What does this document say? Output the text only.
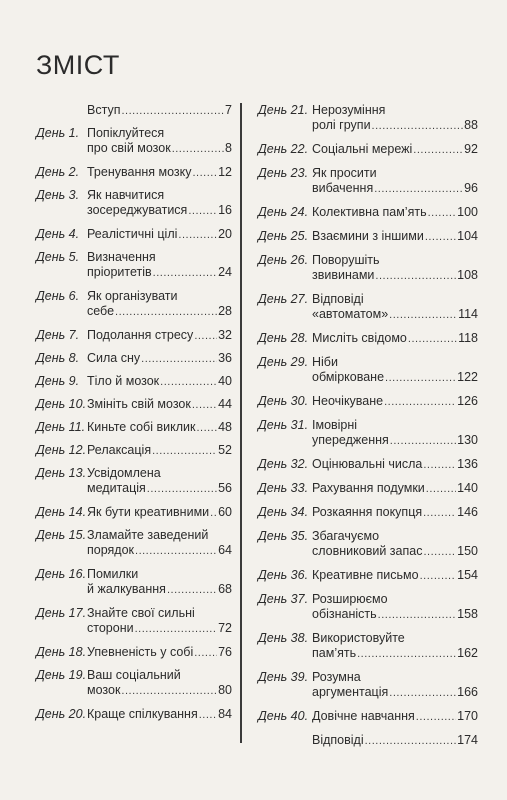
ЗМІСТ
Вступ .....	7
День 1. Попіклуйтеся
про свій мозок .....	8
День 2. Тренування мозку ..... 12
День 3. Як навчитися
зосереджуватися ..... 16
День 4. Реалістичні цілі .....	20
День 5. Визначення
пріоритетів .....	24
День 6. Як організувати
себе .....	28
День 7. Подолання стресу ..... 32
День 8. Сила сну .....	36
День 9. Тіло й мозок .....	40
День 10. Змініть свій мозок ..... 44
День 11. Киньте собі виклик ..... 48
День 12. Релаксація .....	52
День 13. Усвідомлена
медитація .....	56
День 14. Як бути креативними ..... 60
День 15. Зламайте заведений
порядок .....	64
День 16. Помилки
й жалкування .....	68
День 17. Знайте свої сильні
сторони .....	72
День 18. Упевненість у собі ..... 76
День 19. Ваш соціальний
мозок .....	80
День 20. Краще спілкування ..... 84
День 21. Нерозуміння
ролі групи .....	88
День 22. Соціальні мережі .....	92
День 23. Як просити
вибачення .....	96
День 24. Колективна пам’ять ..... 100
День 25. Взаємини з іншими .....	104
День 26. Поворушіть
звивинами .....	108
День 27. Відповіді
«автоматом» .....	114
День 28. Мисліть свідомо .....	118
День 29. Ніби
обмірковане .....	122
День 30. Неочікуване .....	126
День 31. Імовірні
упередження .....	130
День 32. Оцінювальні числа .....	136
День 33. Рахування подумки .....	140
День 34. Розкаяння покупця .....	146
День 35. Збагачуємо
словниковий запас .....	150
День 36. Креативне письмо .....	154
День 37. Розширюємо
обізнаність .....	158
День 38. Використовуйте
пам’ять .....	162
День 39. Розумна
аргументація .....	166
День 40. Довічне навчання .....	170
Відповіді .....	174
